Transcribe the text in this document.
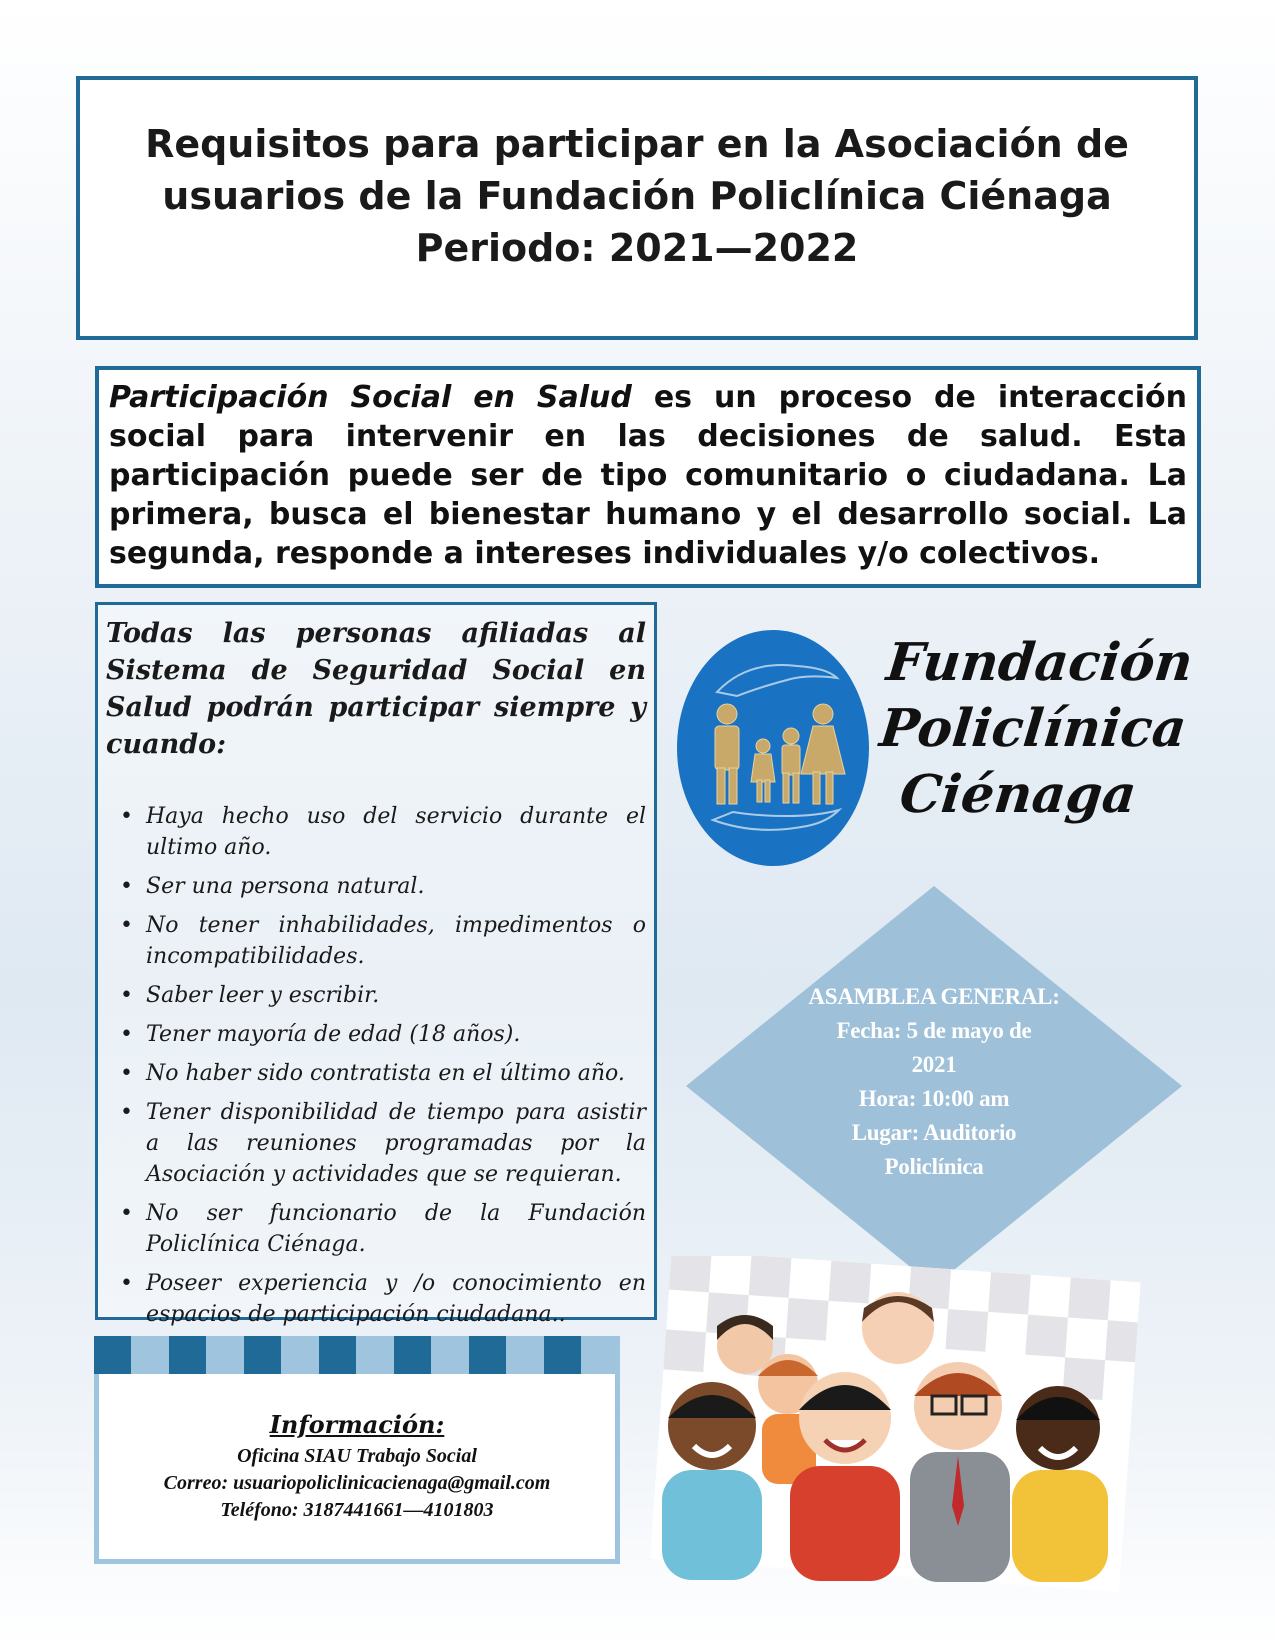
Requisitos para participar en la Asociación de
usuarios de la Fundación Policlínica Ciénaga
Periodo: 2021—2022
Participación Social en Salud es un proceso de interacción social para intervenir en las decisiones de salud. Esta participación puede ser de tipo comunitario o ciudadana. La primera, busca el bienestar humano y el desarrollo social. La segunda, responde a intereses individuales y/o colectivos.

Todas las personas afiliadas al Sistema de Seguridad Social en Salud podrán participar siempre y cuando:

• Haya hecho uso del servicio durante el ultimo año.
• Ser una persona natural.
• No tener inhabilidades, impedimentos o incompatibilidades.
• Saber leer y escribir.
• Tener mayoría de edad (18 años).
• No haber sido contratista en el último año.
• Tener disponibilidad de tiempo para asistir a las reuniones programadas por la Asociación y actividades que se requieran.
• No ser funcionario de la Fundación Policlínica Ciénaga.
• Poseer experiencia y /o conocimiento en espacios de participación ciudadana..
Fundación
Policlínica
Ciénaga
ASAMBLEA GENERAL:
Fecha: 5 de mayo de
2021
Hora: 10:00 am
Lugar: Auditorio
Policlínica
Información:
Oficina SIAU Trabajo Social
Correo: usuariopoliclinicacienaga@gmail.com
Teléfono: 3187441661—4101803
